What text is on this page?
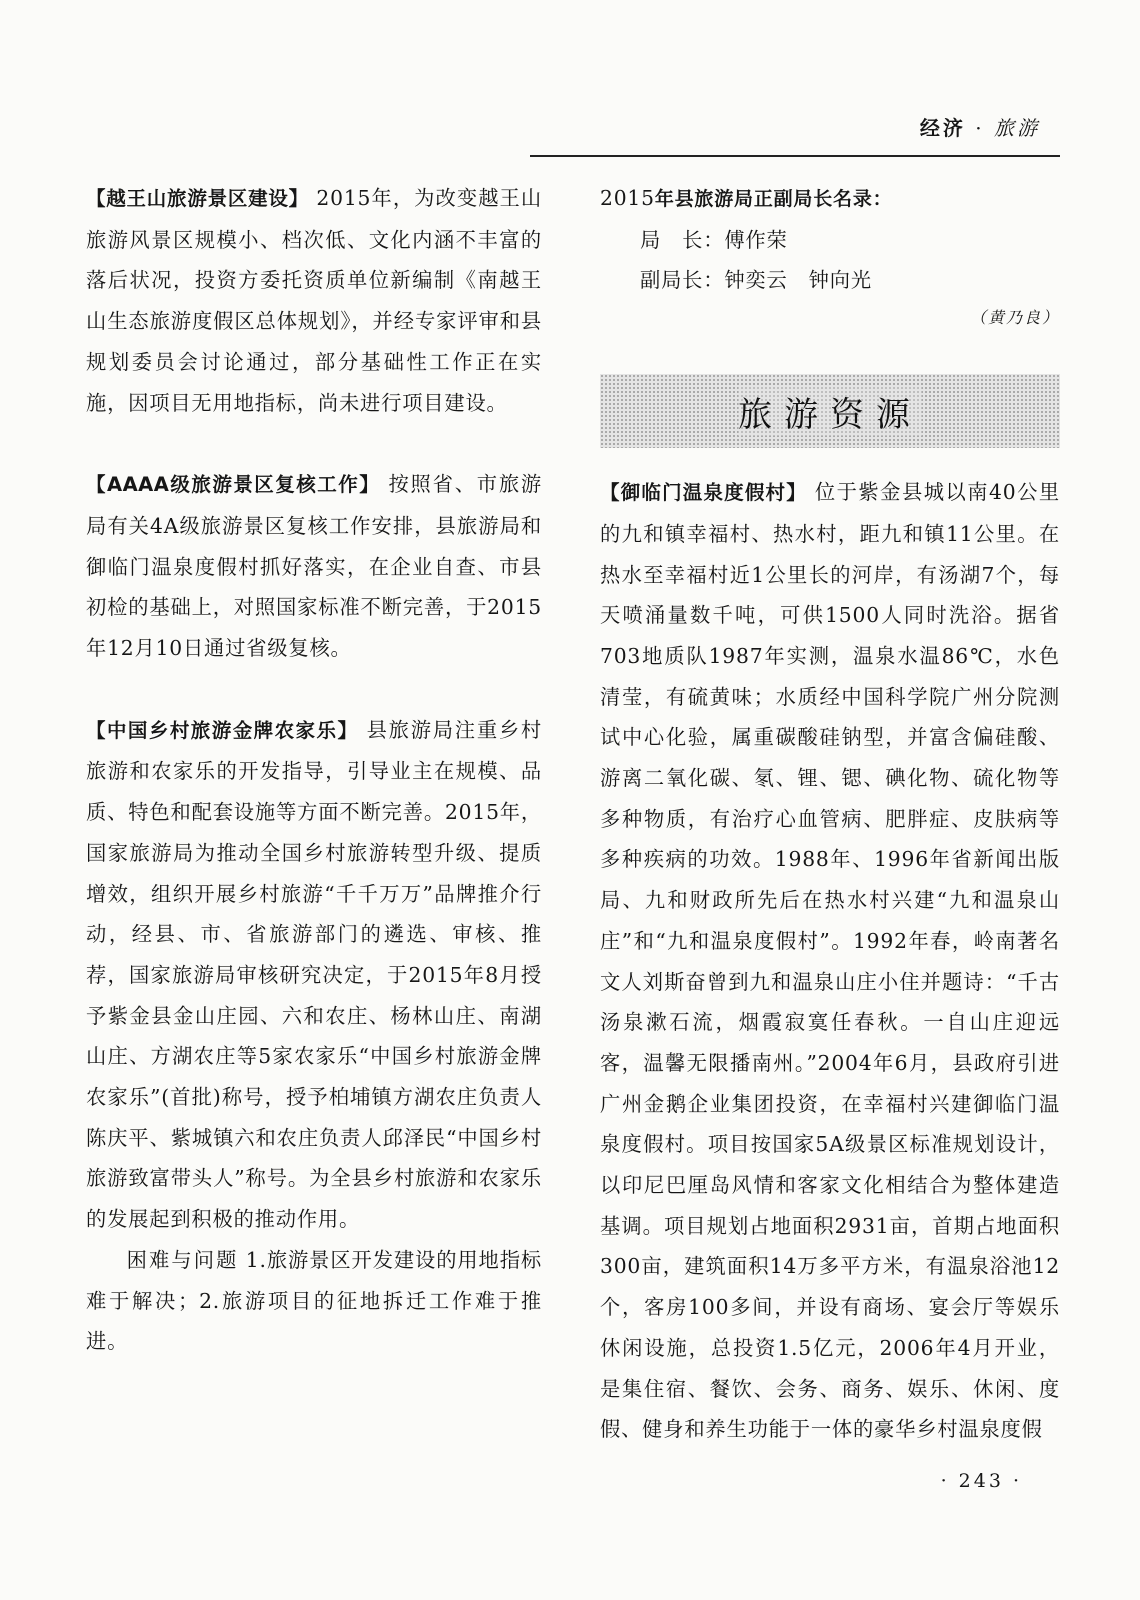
经济 · 旅游

【越王山旅游景区建设】 2015年，为改变越王山旅游风景区规模小、档次低、文化内涵不丰富的落后状况，投资方委托资质单位新编制《南越王山生态旅游度假区总体规划》，并经专家评审和县规划委员会讨论通过，部分基础性工作正在实施，因项目无用地指标，尚未进行项目建设。

【AAAA级旅游景区复核工作】 按照省、市旅游局有关4A级旅游景区复核工作安排，县旅游局和御临门温泉度假村抓好落实，在企业自查、市县初检的基础上，对照国家标准不断完善，于2015年12月10日通过省级复核。

【中国乡村旅游金牌农家乐】 县旅游局注重乡村旅游和农家乐的开发指导，引导业主在规模、品质、特色和配套设施等方面不断完善。2015年，国家旅游局为推动全国乡村旅游转型升级、提质增效，组织开展乡村旅游“千千万万”品牌推介行动，经县、市、省旅游部门的遴选、审核、推荐，国家旅游局审核研究决定，于2015年8月授予紫金县金山庄园、六和农庄、杨林山庄、南湖山庄、方湖农庄等5家农家乐“中国乡村旅游金牌农家乐”(首批)称号，授予柏埔镇方湖农庄负责人陈庆平、紫城镇六和农庄负责人邱泽民“中国乡村旅游致富带头人”称号。为全县乡村旅游和农家乐的发展起到积极的推动作用。

困难与问题 1.旅游景区开发建设的用地指标难于解决；2.旅游项目的征地拆迁工作难于推进。

2015年县旅游局正副局长名录：

局　长：傅作荣

副局长：钟奕云　钟向光

（黄乃良）

旅游资源

【御临门温泉度假村】 位于紫金县城以南40公里的九和镇幸福村、热水村，距九和镇11公里。在热水至幸福村近1公里长的河岸，有汤湖7个，每天喷涌量数千吨，可供1500人同时洗浴。据省703地质队1987年实测，温泉水温86℃，水色清莹，有硫黄味；水质经中国科学院广州分院测试中心化验，属重碳酸硅钠型，并富含偏硅酸、游离二氧化碳、氡、锂、锶、碘化物、硫化物等多种物质，有治疗心血管病、肥胖症、皮肤病等多种疾病的功效。1988年、1996年省新闻出版局、九和财政所先后在热水村兴建“九和温泉山庄”和“九和温泉度假村”。1992年春，岭南著名文人刘斯奋曾到九和温泉山庄小住并题诗：“千古汤泉漱石流，烟霞寂寞任春秋。一自山庄迎远客，温馨无限播南州。”2004年6月，县政府引进广州金鹅企业集团投资，在幸福村兴建御临门温泉度假村。项目按国家5A级景区标准规划设计，以印尼巴厘岛风情和客家文化相结合为整体建造基调。项目规划占地面积2931亩，首期占地面积300亩，建筑面积14万多平方米，有温泉浴池12个，客房100多间，并设有商场、宴会厅等娱乐休闲设施，总投资1.5亿元，2006年4月开业，是集住宿、餐饮、会务、商务、娱乐、休闲、度假、健身和养生功能于一体的豪华乡村温泉度假

· 243 ·
